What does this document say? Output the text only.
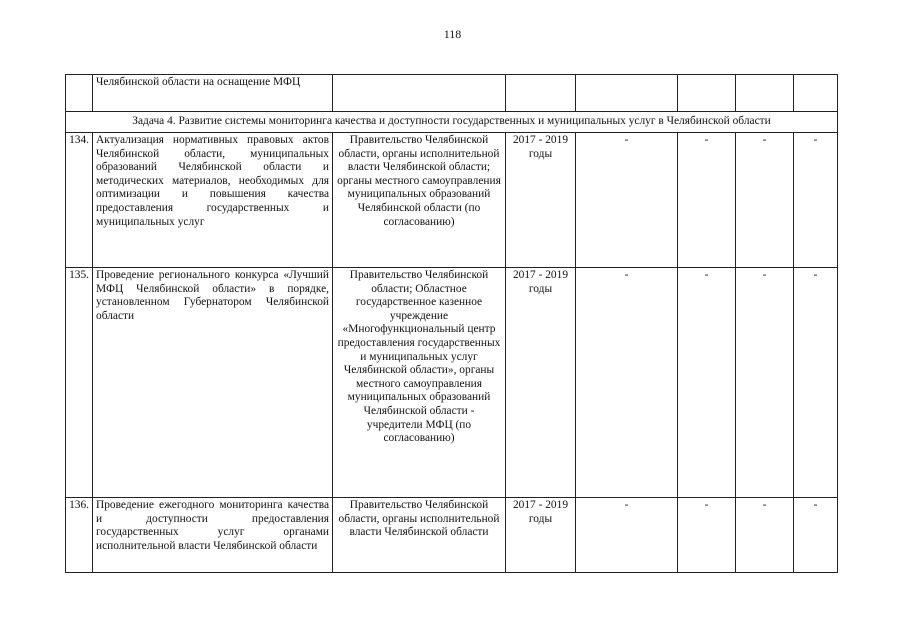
118
	Челябинской области на оснащение МФЦ						
Задача 4. Развитие системы мониторинга качества и доступности государственных и муниципальных услуг в Челябинской области							
134.	Актуализация нормативных правовых актов Челябинской области, муниципальных образований Челябинской области и методических материалов, необходимых для оптимизации и повышения качества предоставления государственных и муниципальных услуг	Правительство Челябинской области, органы исполнительной власти Челябинской области; органы местного самоуправления муниципальных образований Челябинской области (по согласованию)	2017 - 2019 годы	-	-	-	-
135.	Проведение регионального конкурса «Лучший МФЦ Челябинской области» в порядке, установленном Губернатором Челябинской области	Правительство Челябинской области; Областное государственное казенное учреждение «Многофункциональный центр предоставления государственных и муниципальных услуг Челябинской области», органы местного самоуправления муниципальных образований Челябинской области - учредители МФЦ (по согласованию)	2017 - 2019 годы	-	-	-	-
136.	Проведение ежегодного мониторинга качества и доступности предоставления государственных услуг органами исполнительной власти Челябинской области	Правительство Челябинской области, органы исполнительной власти Челябинской области	2017 - 2019 годы	-	-	-	-
